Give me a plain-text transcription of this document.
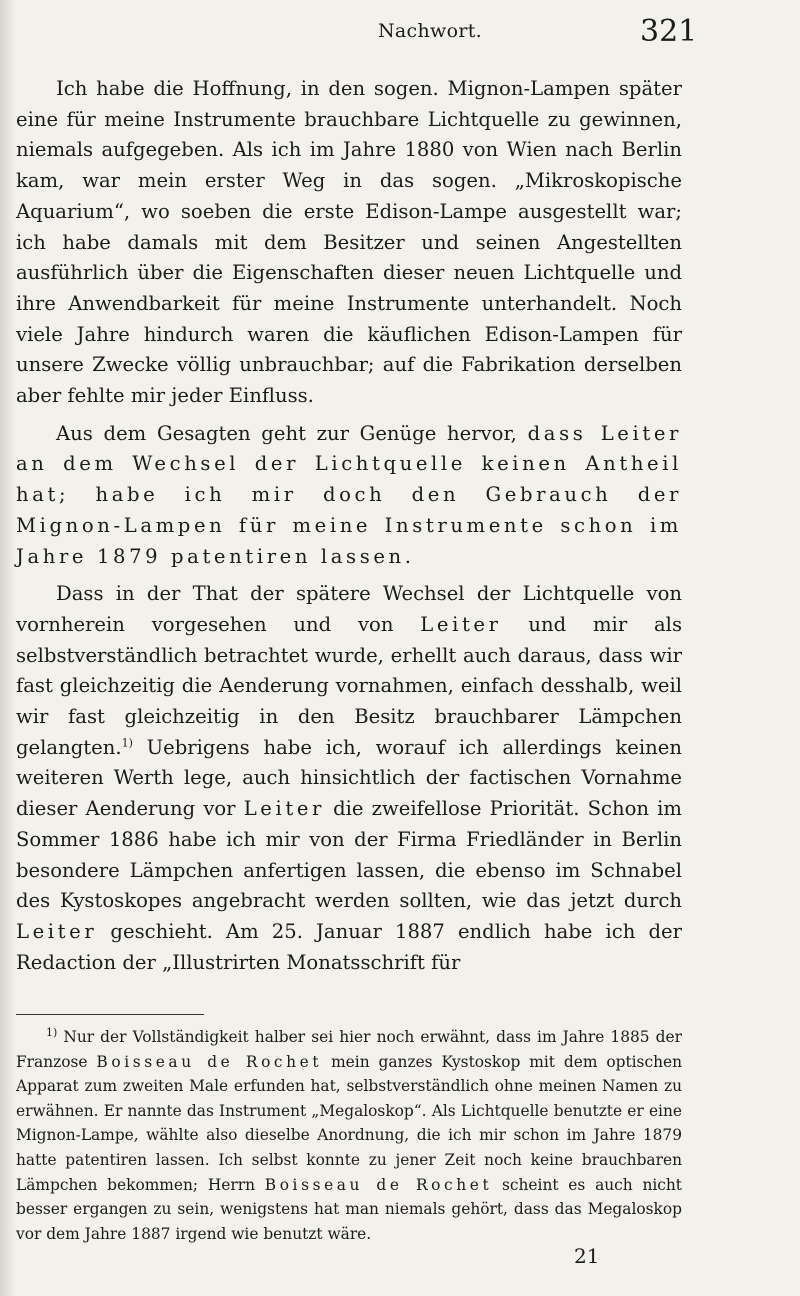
Nachwort.	321

Ich habe die Hoffnung, in den sogen. Mignon-Lampen später eine für meine Instrumente brauchbare Lichtquelle zu gewinnen, niemals aufgegeben. Als ich im Jahre 1880 von Wien nach Berlin kam, war mein erster Weg in das sogen. „Mikroskopische Aquarium“, wo soeben die erste Edison-Lampe ausgestellt war; ich habe damals mit dem Besitzer und seinen Angestellten ausführlich über die Eigenschaften dieser neuen Lichtquelle und ihre Anwendbarkeit für meine Instrumente unterhandelt. Noch viele Jahre hindurch waren die käuflichen Edison-Lampen für unsere Zwecke völlig unbrauchbar; auf die Fabrikation derselben aber fehlte mir jeder Einfluss.

Aus dem Gesagten geht zur Genüge hervor, dass Leiter an dem Wechsel der Lichtquelle keinen Antheil hat; habe ich mir doch den Gebrauch der Mignon-Lampen für meine Instrumente schon im Jahre 1879 patentiren lassen.

Dass in der That der spätere Wechsel der Lichtquelle von vornherein vorgesehen und von Leiter und mir als selbstverständlich betrachtet wurde, erhellt auch daraus, dass wir fast gleichzeitig die Aenderung vornahmen, einfach desshalb, weil wir fast gleichzeitig in den Besitz brauchbarer Lämpchen gelangten.$^{1)}$ Uebrigens habe ich, worauf ich allerdings keinen weiteren Werth lege, auch hinsichtlich der factischen Vornahme dieser Aenderung vor Leiter die zweifellose Priorität. Schon im Sommer 1886 habe ich mir von der Firma Friedländer in Berlin besondere Lämpchen anfertigen lassen, die ebenso im Schnabel des Kystoskopes angebracht werden sollten, wie das jetzt durch Leiter geschieht. Am 25. Januar 1887 endlich habe ich der Redaction der „Illustrirten Monatsschrift für

$^{1)}$ Nur der Vollständigkeit halber sei hier noch erwähnt, dass im Jahre 1885 der Franzose Boisseau de Rochet mein ganzes Kystoskop mit dem optischen Apparat zum zweiten Male erfunden hat, selbstverständlich ohne meinen Namen zu erwähnen. Er nannte das Instrument „Megaloskop“. Als Lichtquelle benutzte er eine Mignon-Lampe, wählte also dieselbe Anordnung, die ich mir schon im Jahre 1879 hatte patentiren lassen. Ich selbst konnte zu jener Zeit noch keine brauchbaren Lämpchen bekommen; Herrn Boisseau de Rochet scheint es auch nicht besser ergangen zu sein, wenigstens hat man niemals gehört, dass das Megaloskop vor dem Jahre 1887 irgend wie benutzt wäre.

21
